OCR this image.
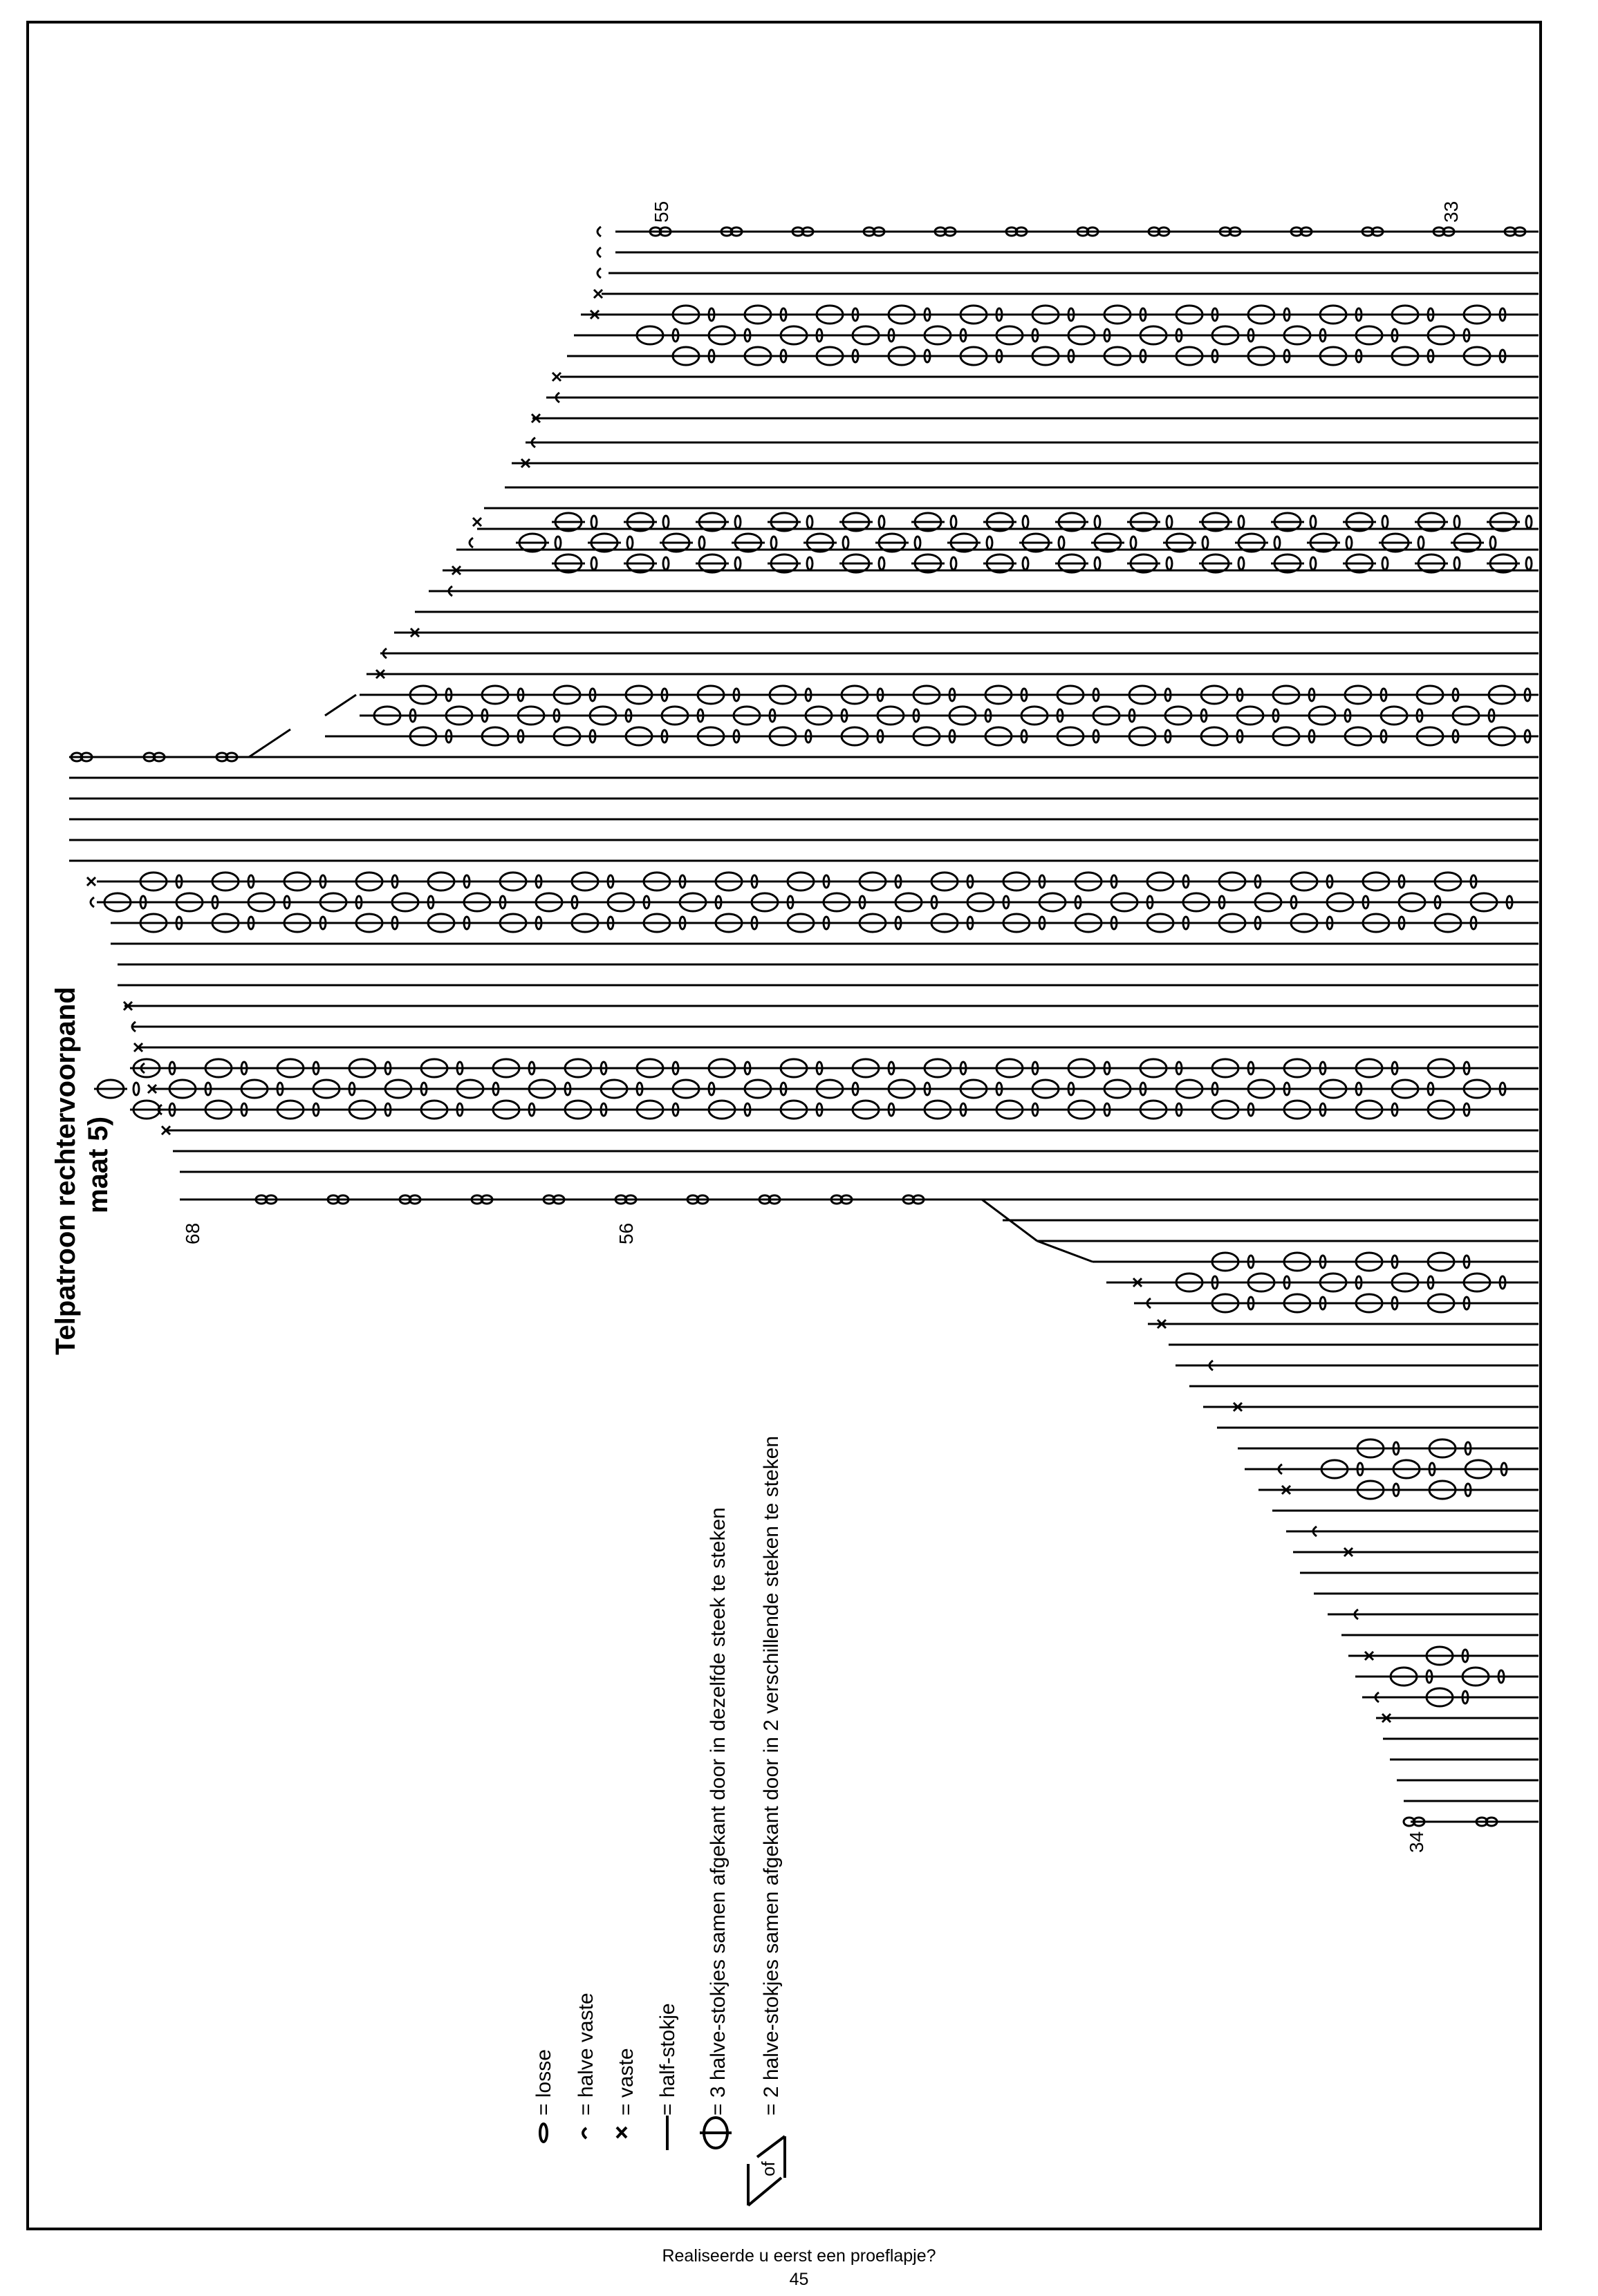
Telpatroon rechtervoorpand maat 5)
68	56
55
34
33
= losse = halve vaste = vaste = half-stokje = 3 halve-stokjes samen afgekant door in dezelfde steek te steken
of
= 2 halve-stokjes samen afgekant door in 2 verschillende steken te steken
Realiseerde u eerst een proeflapje?
45
